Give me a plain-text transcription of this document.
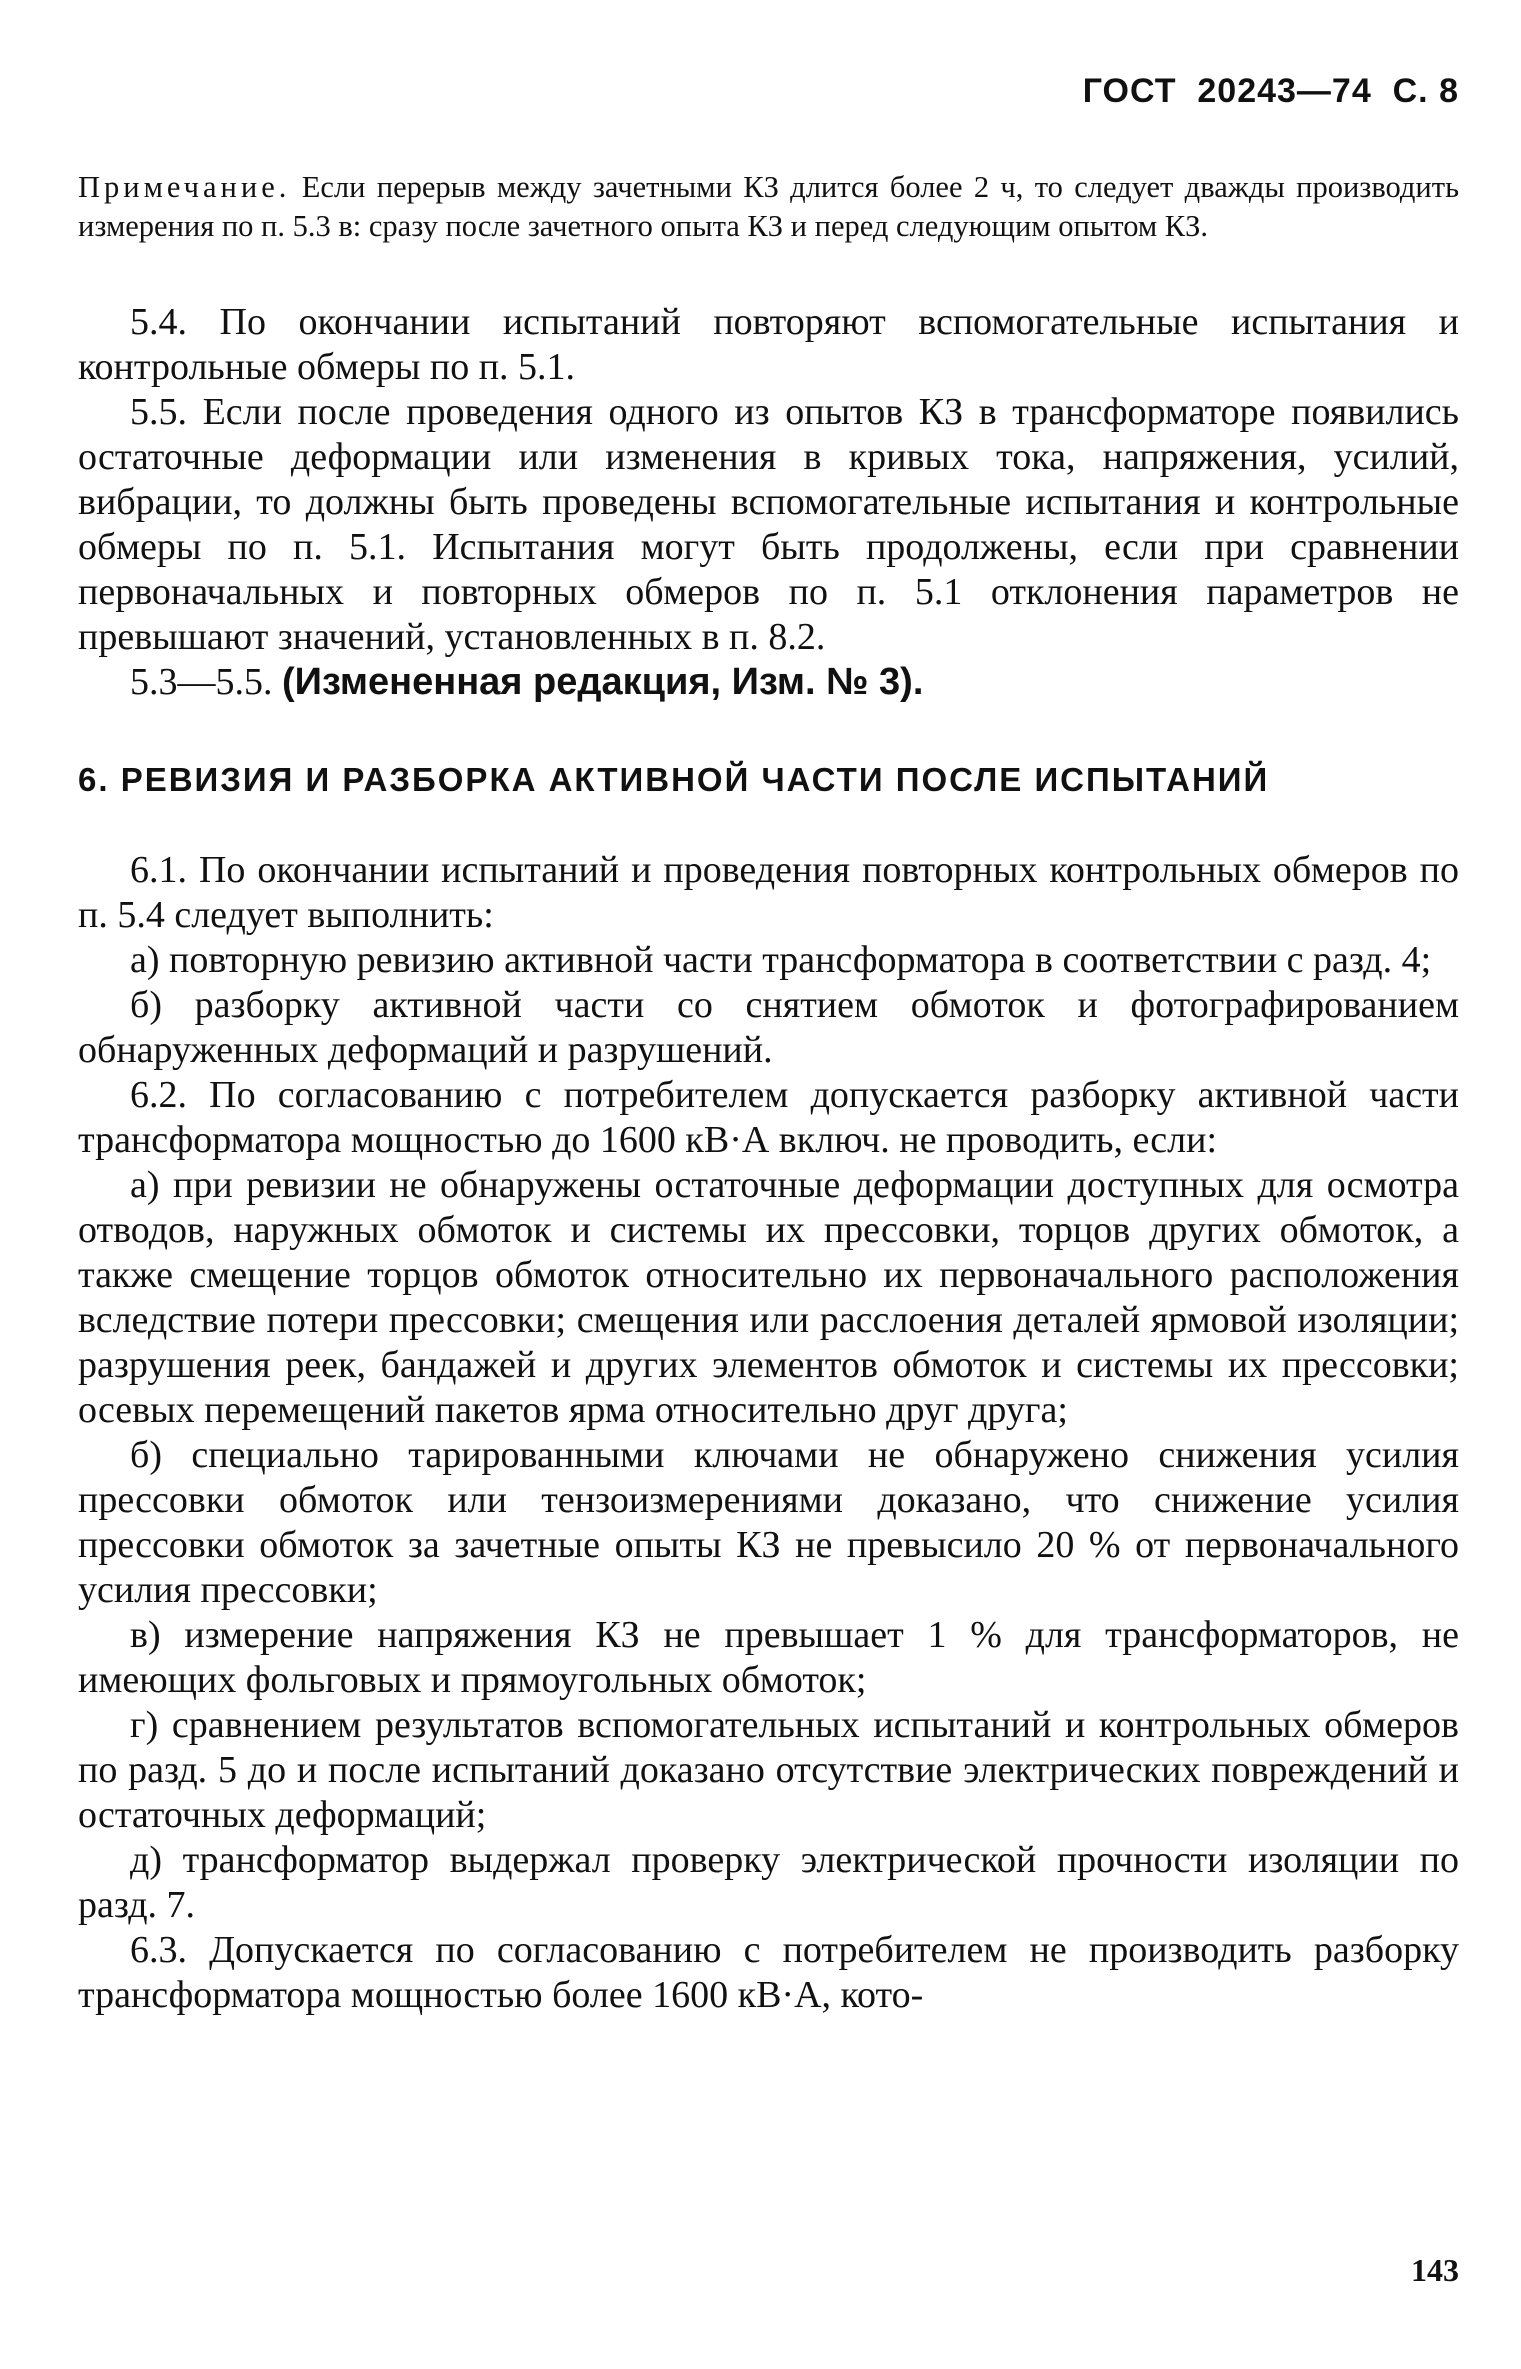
ГОСТ  20243—74  С. 8
Примечание. Если перерыв между зачетными КЗ длится более 2 ч, то следует дважды производить измерения по п. 5.3 в: сразу после зачетного опыта КЗ и перед следующим опытом КЗ.

5.4. По окончании испытаний повторяют вспомогательные испытания и контрольные обмеры по п. 5.1.

5.5. Если после проведения одного из опытов КЗ в трансформаторе появились остаточные деформации или изменения в кривых тока, напряжения, усилий, вибрации, то должны быть проведены вспомогательные испытания и контрольные обмеры по п. 5.1. Испытания могут быть продолжены, если при сравнении первоначальных и повторных обмеров по п. 5.1 отклонения параметров не превышают значений, установленных в п. 8.2.

5.3—5.5. (Измененная редакция, Изм. № 3).

6. РЕВИЗИЯ И РАЗБОРКА АКТИВНОЙ ЧАСТИ ПОСЛЕ ИСПЫТАНИЙ

6.1. По окончании испытаний и проведения повторных контрольных обмеров по п. 5.4 следует выполнить:

а) повторную ревизию активной части трансформатора в соответствии с разд. 4;

б) разборку активной части со снятием обмоток и фотографированием обнаруженных деформаций и разрушений.

6.2. По согласованию с потребителем допускается разборку активной части трансформатора мощностью до 1600 кВ·А включ. не проводить, если:

а) при ревизии не обнаружены остаточные деформации доступных для осмотра отводов, наружных обмоток и системы их прессовки, торцов других обмоток, а также смещение торцов обмоток относительно их первоначального расположения вследствие потери прессовки; смещения или расслоения деталей ярмовой изоляции; разрушения реек, бандажей и других элементов обмоток и системы их прессовки; осевых перемещений пакетов ярма относительно друг друга;

б) специально тарированными ключами не обнаружено снижения усилия прессовки обмоток или тензоизмерениями доказано, что снижение усилия прессовки обмоток за зачетные опыты КЗ не превысило 20 % от первоначального усилия прессовки;

в) измерение напряжения КЗ не превышает 1 % для трансформаторов, не имеющих фольговых и прямоугольных обмоток;

г) сравнением результатов вспомогательных испытаний и контрольных обмеров по разд. 5 до и после испытаний доказано отсутствие электрических повреждений и остаточных деформаций;

д) трансформатор выдержал проверку электрической прочности изоляции по разд. 7.

6.3. Допускается по согласованию с потребителем не производить разборку трансформатора мощностью более 1600 кВ·А, кото-

143
